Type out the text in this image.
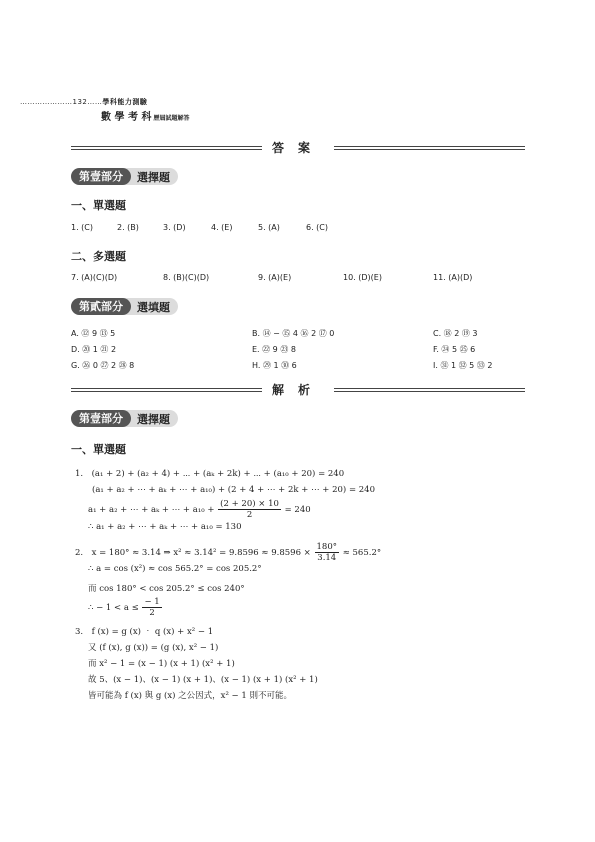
…………………132……學科能力測驗
數 學 考 科 歷屆試題解答
答案
第壹部分	選擇題
一、單選題
1. (C)	2. (B)	3. (D)	4. (E)	5. (A)	6. (C)
二、多選題
7. (A)(C)(D)	8. (B)(C)(D)	9. (A)(E)	10. (D)(E)	11. (A)(D)
第貳部分	選填題
A. ⑫ 9 ⑬ 5	B. ⑭ − ⑮ 4 ⑯ 2 ⑰ 0	C. ⑱ 2 ⑲ 3
D. ⑳ 1 ㉑ 2	E. ㉒ 9 ㉓ 8	F. ㉔ 5 ㉕ 6
G. ㉖ 0 ㉗ 2 ㉘ 8	H. ㉙ 1 ㉚ 6	I. ㉛ 1 ㉜ 5 ㉝ 2
解析
第壹部分	選擇題
一、單選題
1.　(a₁ + 2) + (a₂ + 4) + ⋯ + (aₖ + 2k) + ⋯ + (a₁₀ + 20) = 240
(a₁ + a₂ + ⋯ + aₖ + ⋯ + a₁₀) + (2 + 4 + ⋯ + 2k + ⋯ + 20) = 240
a₁ + a₂ + ⋯ + aₖ + ⋯ + $a_{10} + \frac{(2 + 20) \times 10}{2} = 240$
∴ a₁ + a₂ + ⋯ + aₖ + ⋯ + a₁₀ = 130
2.　x = 180° ≈ 3.14 ⇒ $x^2 \approx 3.14^2 = 9.8596 \approx 9.8596 \times \frac{180^\circ}{3.14} \approx 565.2^\circ$
∴ a = cos (x²) ≈ cos 565.2° = cos 205.2°
而 cos 180° < cos 205.2° ≤ cos 240°
∴ − $1 < a \le \frac{- 1}{2}$
3.　f (x) = g (x) ‧ q (x) + x² − 1
又 (f (x), g (x)) = (g (x), x² − 1)
而 x² − 1 = (x − 1) (x + 1) (x² + 1)
故 5、(x − 1)、(x − 1) (x + 1)、(x − 1) (x + 1) (x² + 1)
皆可能為 f (x) 與 g (x) 之公因式，x² − 1 則不可能。
